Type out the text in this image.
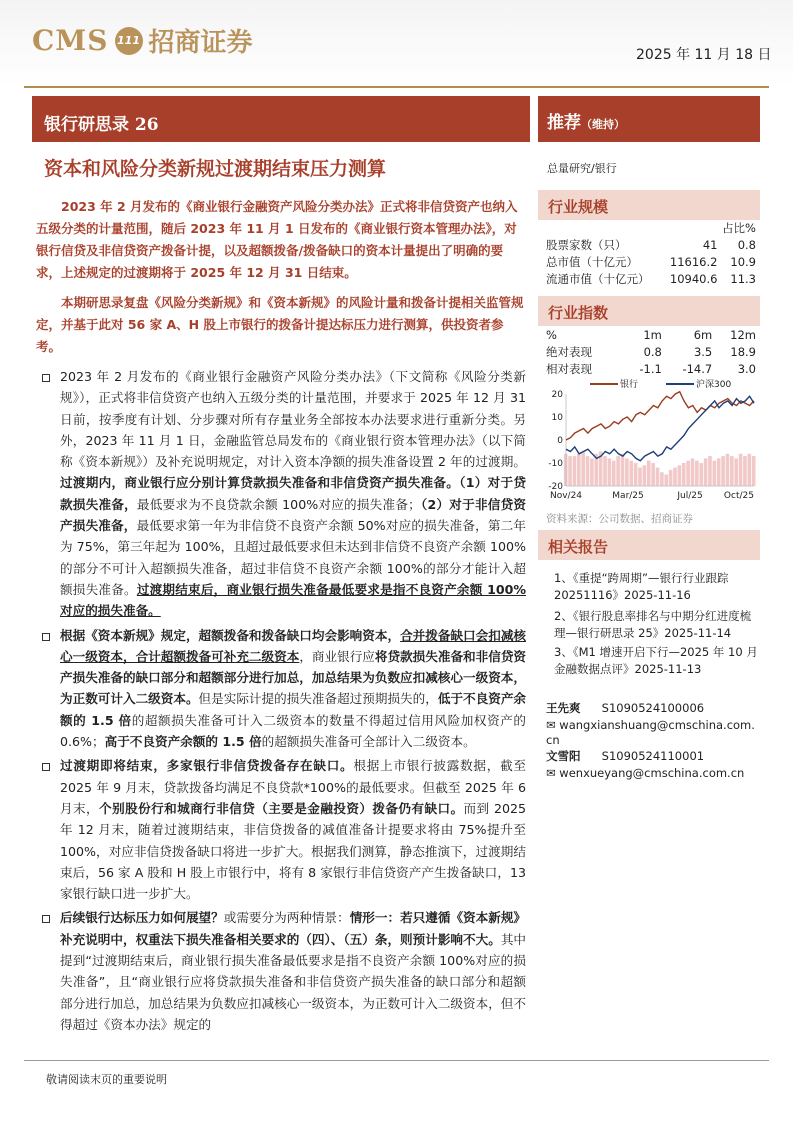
CMS 111 招商证券	2025 年 11 月 18 日
银行研思录 26	推荐（维持）
资本和风险分类新规过渡期结束压力测算	总量研究/银行

2023 年 2 月发布的《商业银行金融资产风险分类办法》正式将非信贷资产也纳入五级分类的计量范围，随后 2023 年 11 月 1 日发布的《商业银行资本管理办法》，对银行信贷及非信贷资产拨备计提，以及超额拨备/拨备缺口的资本计量提出了明确的要求，上述规定的过渡期将于 2025 年 12 月 31 日结束。

本期研思录复盘《风险分类新规》和《资本新规》的风险计量和拨备计提相关监管规定，并基于此对 56 家 A、H 股上市银行的拨备计提达标压力进行测算，供投资者参考。

2023 年 2 月发布的《商业银行金融资产风险分类办法》（下文简称《风险分类新规》），正式将非信贷资产也纳入五级分类的计量范围，并要求于 2025 年 12 月 31 日前，按季度有计划、分步骤对所有存量业务全部按本办法要求进行重新分类。另外，2023 年 11 月 1 日，金融监管总局发布的《商业银行资本管理办法》（以下简称《资本新规》）及补充说明规定，对计入资本净额的损失准备设置 2 年的过渡期。过渡期内，商业银行应分别计算贷款损失准备和非信贷资产损失准备。（1）对于贷款损失准备，最低要求为不良贷款余额 100%对应的损失准备；（2）对于非信贷资产损失准备，最低要求第一年为非信贷不良资产余额 50%对应的损失准备，第二年为 75%，第三年起为 100%，且超过最低要求但未达到非信贷不良资产余额 100%的部分不可计入超额损失准备，超过非信贷不良资产余额 100%的部分才能计入超额损失准备。过渡期结束后，商业银行损失准备最低要求是指不良资产余额 100%对应的损失准备。

根据《资本新规》规定，超额拨备和拨备缺口均会影响资本，合并拨备缺口会扣减核心一级资本，合计超额拨备可补充二级资本，商业银行应将贷款损失准备和非信贷资产损失准备的缺口部分和超额部分进行加总，加总结果为负数应扣减核心一级资本，为正数可计入二级资本。但是实际计提的损失准备超过预期损失的，低于不良资产余额的 1.5 倍的超额损失准备可计入二级资本的数量不得超过信用风险加权资产的 0.6%；高于不良资产余额的 1.5 倍的超额损失准备可全部计入二级资本。

过渡期即将结束，多家银行非信贷拨备存在缺口。根据上市银行披露数据，截至 2025 年 9 月末，贷款拨备均满足不良贷款*100%的最低要求。但截至 2025 年 6 月末，个别股份行和城商行非信贷（主要是金融投资）拨备仍有缺口。而到 2025 年 12 月末，随着过渡期结束，非信贷拨备的减值准备计提要求将由 75%提升至 100%，对应非信贷拨备缺口将进一步扩大。根据我们测算，静态推演下，过渡期结束后，56 家 A 股和 H 股上市银行中，将有 8 家银行非信贷资产产生拨备缺口，13 家银行缺口进一步扩大。

后续银行达标压力如何展望？或需要分为两种情景：情形一：若只遵循《资本新规》补充说明中，权重法下损失准备相关要求的（四）、（五）条，则预计影响不大。其中提到“过渡期结束后，商业银行损失准备最低要求是指不良资产余额 100%对应的损失准备”，且“商业银行应将贷款损失准备和非信贷资产损失准备的缺口部分和超额部分进行加总，加总结果为负数应扣减核心一级资本，为正数可计入二级资本，但不得超过《资本办法》规定的

行业规模
		占比%
股票家数（只）	41	0.8
总市值（十亿元）	11616.2	10.9
流通市值（十亿元）	10940.6	11.3
行业指数
%	1m	6m	12m
绝对表现	0.8	3.5	18.9
相对表现	-1.1	-14.7	3.0
-20
-10
0
10
20
Nov/24	Mar/25	Jul/25 Oct/25
银行	沪深300
资料来源：公司数据、招商证券
相关报告
1、《重提“跨周期”—银行行业跟踪 20251116》2025-11-16
2、《银行股息率排名与中期分红进度梳理—银行研思录 25》2025-11-14
3、《M1 增速开启下行—2025 年 10 月金融数据点评》2025-11-13
王先爽 S1090524100006
✉ wangxianshuang@cmschina.com.
cn
文雪阳 S1090524110001
✉ wenxueyang@cmschina.com.cn
敬请阅读末页的重要说明
